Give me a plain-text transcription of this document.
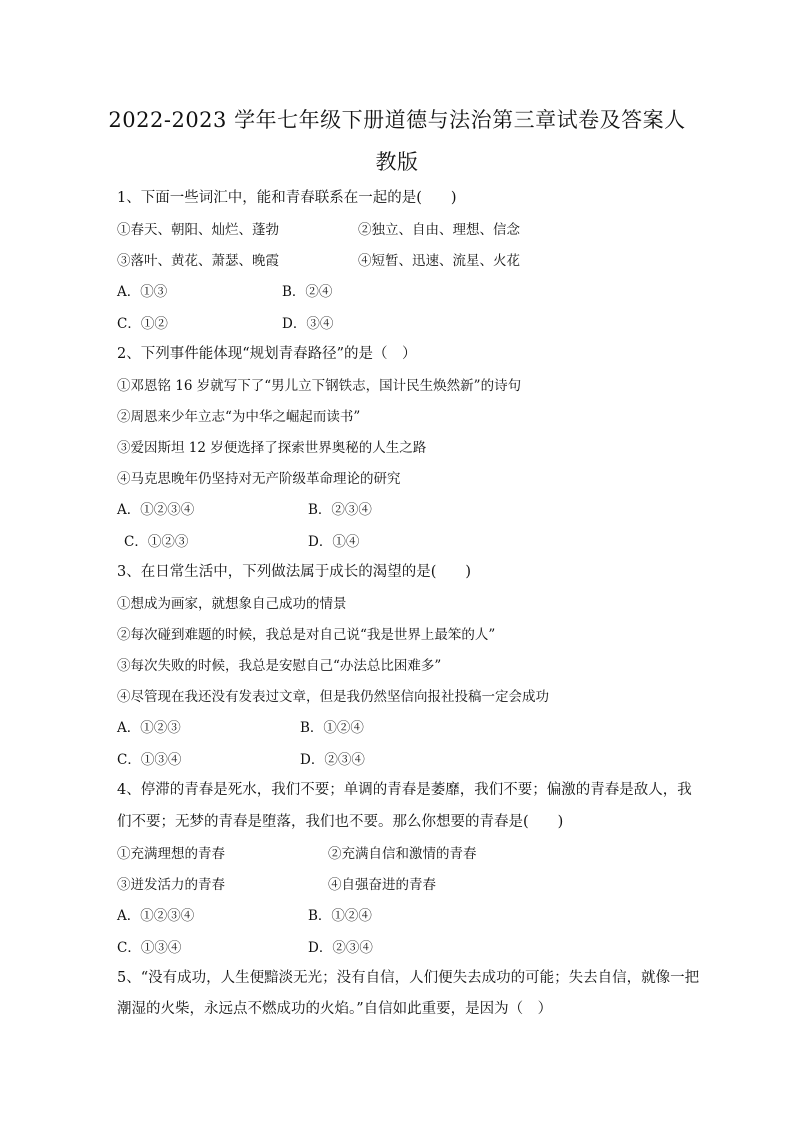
2022-2023 学年七年级下册道德与法治第三章试卷及答案人
教版
1、下面一些词汇中，能和青春联系在一起的是(　　)
①春天、朝阳、灿烂、蓬勃	②独立、自由、理想、信念
③落叶、黄花、萧瑟、晚霞	④短暂、迅速、流星、火花
A．①③	B．②④
C．①②	D．③④
2、下列事件能体现“规划青春路径”的是（　）
①邓恩铭 16 岁就写下了“男儿立下钢铁志，国计民生焕然新”的诗句
②周恩来少年立志“为中华之崛起而读书”
③爱因斯坦 12 岁便选择了探索世界奥秘的人生之路
④马克思晚年仍坚持对无产阶级革命理论的研究
A．①②③④	B．②③④
C．①②③	D．①④
3、在日常生活中，下列做法属于成长的渴望的是(　　)
①想成为画家，就想象自己成功的情景
②每次碰到难题的时候，我总是对自己说“我是世界上最笨的人”
③每次失败的时候，我总是安慰自己“办法总比困难多”
④尽管现在我还没有发表过文章，但是我仍然坚信向报社投稿一定会成功
A．①②③	B．①②④
C．①③④	D．②③④
4、停滞的青春是死水，我们不要；单调的青春是萎靡，我们不要；偏激的青春是敌人，我
们不要；无梦的青春是堕落，我们也不要。那么你想要的青春是(　　)
①充满理想的青春	②充满自信和激情的青春
③迸发活力的青春	④自强奋进的青春
A．①②③④	B．①②④
C．①③④	D．②③④
5、“没有成功，人生便黯淡无光；没有自信，人们便失去成功的可能；失去自信，就像一把
潮湿的火柴，永远点不燃成功的火焰。”自信如此重要，是因为（　）
